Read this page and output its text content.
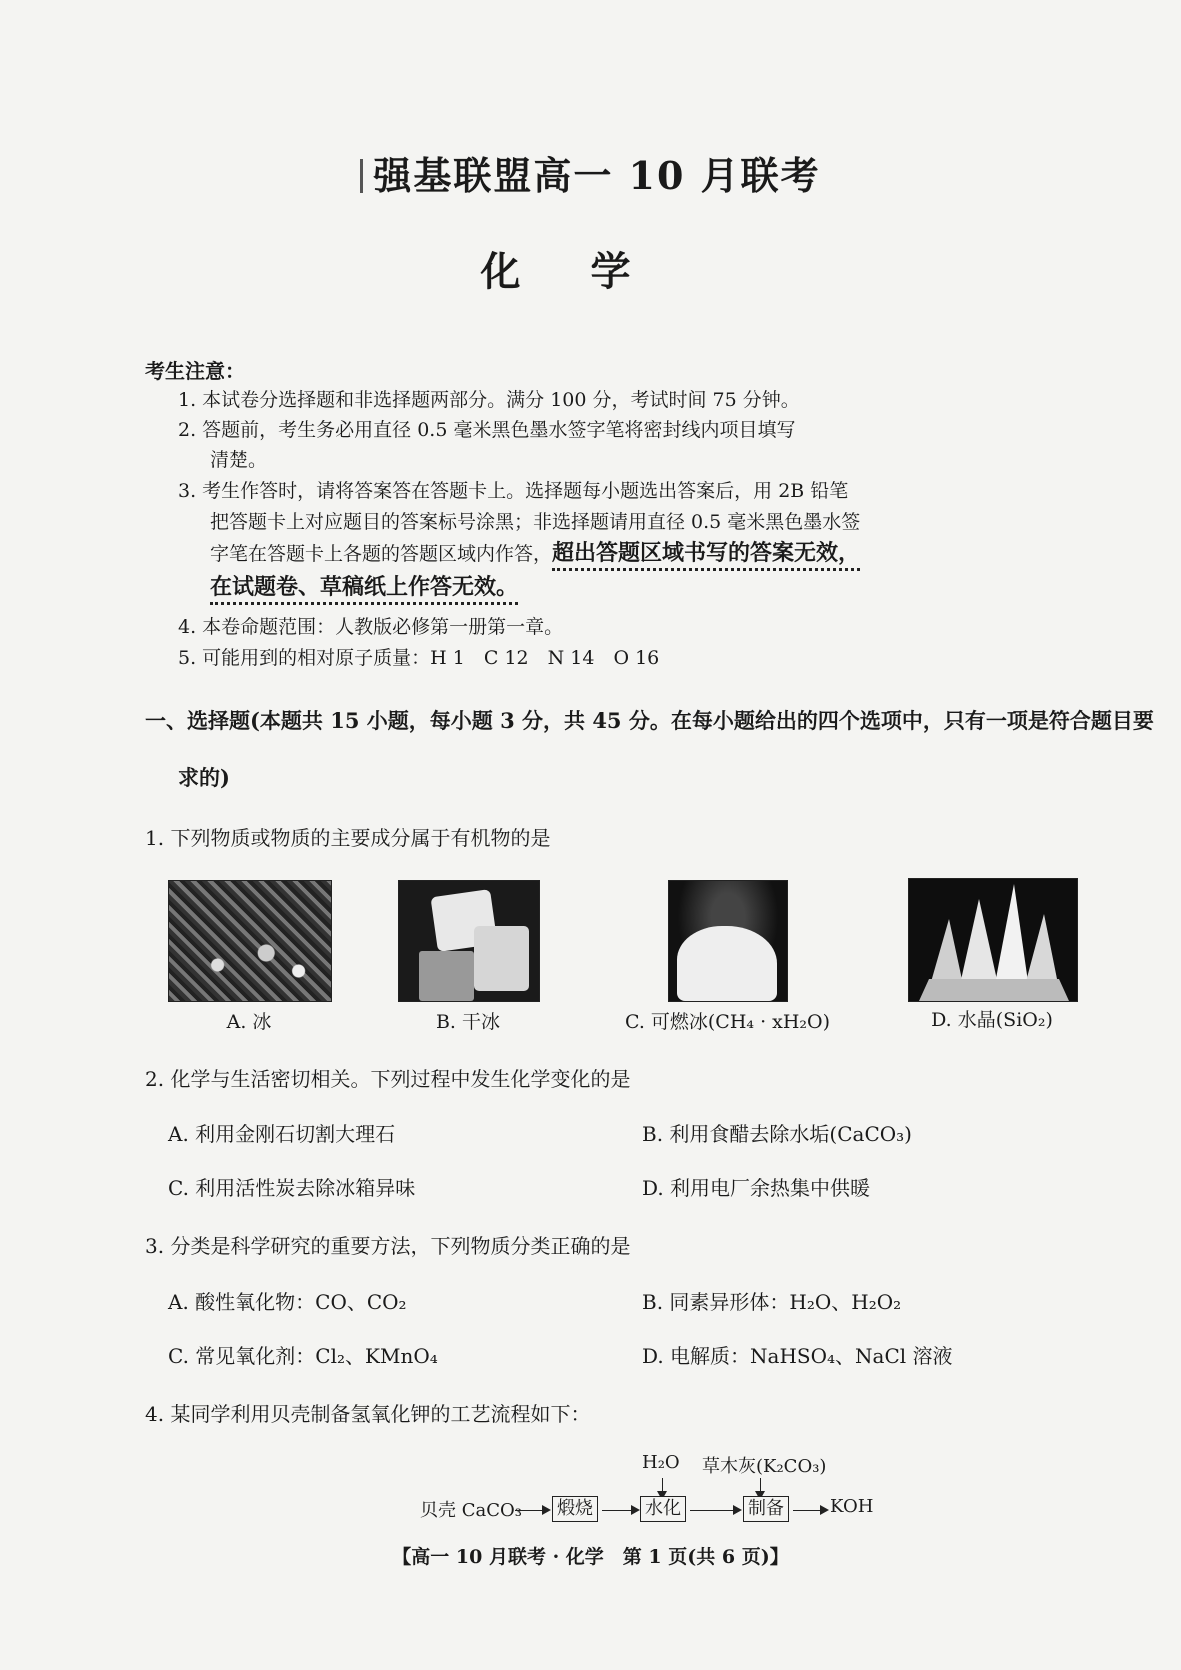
强基联盟高一 10 月联考
化学
考生注意：
1. 本试卷分选择题和非选择题两部分。满分 100 分，考试时间 75 分钟。
2. 答题前，考生务必用直径 0.5 毫米黑色墨水签字笔将密封线内项目填写
清楚。
3. 考生作答时，请将答案答在答题卡上。选择题每小题选出答案后，用 2B 铅笔
把答题卡上对应题目的答案标号涂黑；非选择题请用直径 0.5 毫米黑色墨水签
字笔在答题卡上各题的答题区域内作答，超出答题区域书写的答案无效，
在试题卷、草稿纸上作答无效。
4. 本卷命题范围：人教版必修第一册第一章。
5. 可能用到的相对原子质量：H 1　C 12　N 14　O 16
一、选择题(本题共 15 小题，每小题 3 分，共 45 分。在每小题给出的四个选项中，只有一项是符合题目要
求的)
1. 下列物质或物质的主要成分属于有机物的是
A. 冰	B. 干冰	C. 可燃冰(CH₄ · xH₂O)	D. 水晶(SiO₂)
2. 化学与生活密切相关。下列过程中发生化学变化的是
A. 利用金刚石切割大理石	B. 利用食醋去除水垢(CaCO₃)
C. 利用活性炭去除冰箱异味	D. 利用电厂余热集中供暖
3. 分类是科学研究的重要方法，下列物质分类正确的是
A. 酸性氧化物：CO、CO₂	B. 同素异形体：H₂O、H₂O₂
C. 常见氧化剂：Cl₂、KMnO₄	D. 电解质：NaHSO₄、NaCl 溶液
4. 某同学利用贝壳制备氢氧化钾的工艺流程如下：
H₂O 草木灰(K₂CO₃)
贝壳 CaCO₃ 煅烧	水化	制备	KOH
【高一 10 月联考 · 化学　第 1 页(共 6 页)】
